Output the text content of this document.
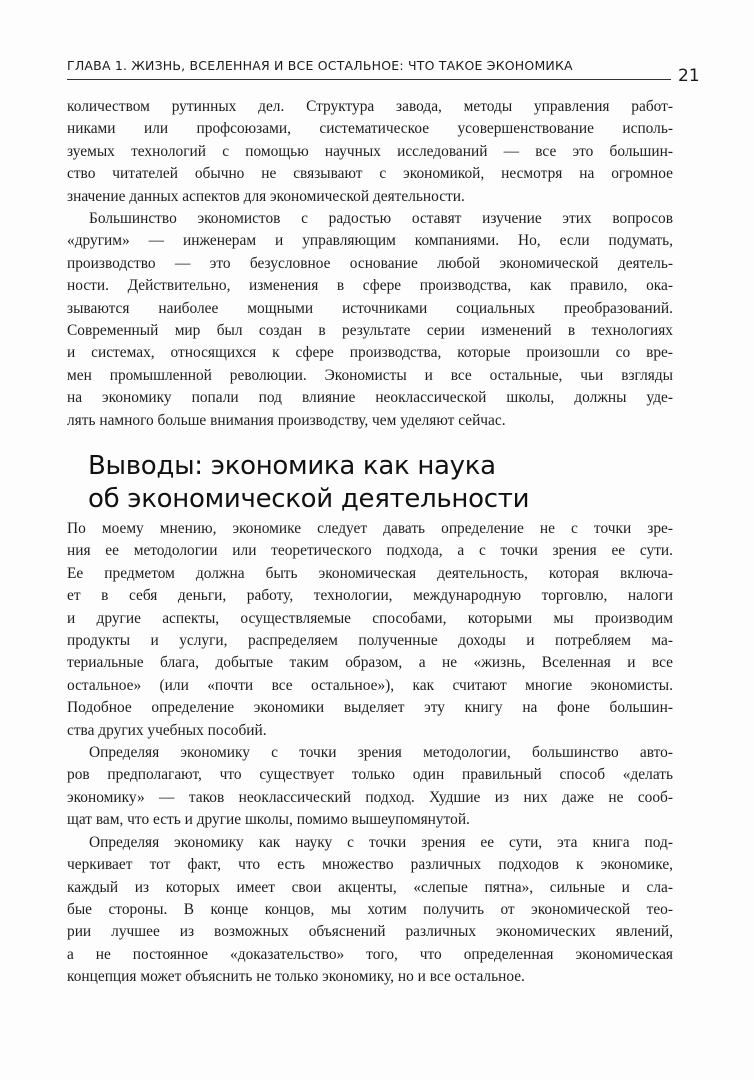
ГЛАВА 1. ЖИЗНЬ, ВСЕЛЕННАЯ И ВСЕ ОСТАЛЬНОЕ: ЧТО ТАКОЕ ЭКОНОМИКА
21
количеством рутинных дел. Структура завода, методы управления работ-
никами или профсоюзами, систематическое усовершенствование исполь-
зуемых технологий с помощью научных исследований — все это большин-
ство читателей обычно не связывают с экономикой, несмотря на огромное
значение данных аспектов для экономической деятельности.
Большинство экономистов с радостью оставят изучение этих вопросов
«другим» — инженерам и управляющим компаниями. Но, если подумать,
производство — это безусловное основание любой экономической деятель-
ности. Действительно, изменения в сфере производства, как правило, ока-
зываются наиболее мощными источниками социальных преобразований.
Современный мир был создан в результате серии изменений в технологиях
и системах, относящихся к сфере производства, которые произошли со вре-
мен промышленной революции. Экономисты и все остальные, чьи взгляды
на экономику попали под влияние неоклассической школы, должны уде-
лять намного больше внимания производству, чем уделяют сейчас.
Выводы: экономика как наука
об экономической деятельности
По моему мнению, экономике следует давать определение не с точки зре-
ния ее методологии или теоретического подхода, а с точки зрения ее сути.
Ее предметом должна быть экономическая деятельность, которая включа-
ет в себя деньги, работу, технологии, международную торговлю, налоги
и другие аспекты, осуществляемые способами, которыми мы производим
продукты и услуги, распределяем полученные доходы и потребляем ма-
териальные блага, добытые таким образом, а не «жизнь, Вселенная и все
остальное» (или «почти все остальное»), как считают многие экономисты.
Подобное определение экономики выделяет эту книгу на фоне большин-
ства других учебных пособий.
Определяя экономику с точки зрения методологии, большинство авто-
ров предполагают, что существует только один правильный способ «делать
экономику» — таков неоклассический подход. Худшие из них даже не сооб-
щат вам, что есть и другие школы, помимо вышеупомянутой.
Определяя экономику как науку с точки зрения ее сути, эта книга под-
черкивает тот факт, что есть множество различных подходов к экономике,
каждый из которых имеет свои акценты, «слепые пятна», сильные и сла-
бые стороны. В конце концов, мы хотим получить от экономической тео-
рии лучшее из возможных объяснений различных экономических явлений,
а не постоянное «доказательство» того, что определенная экономическая
концепция может объяснить не только экономику, но и все остальное.
